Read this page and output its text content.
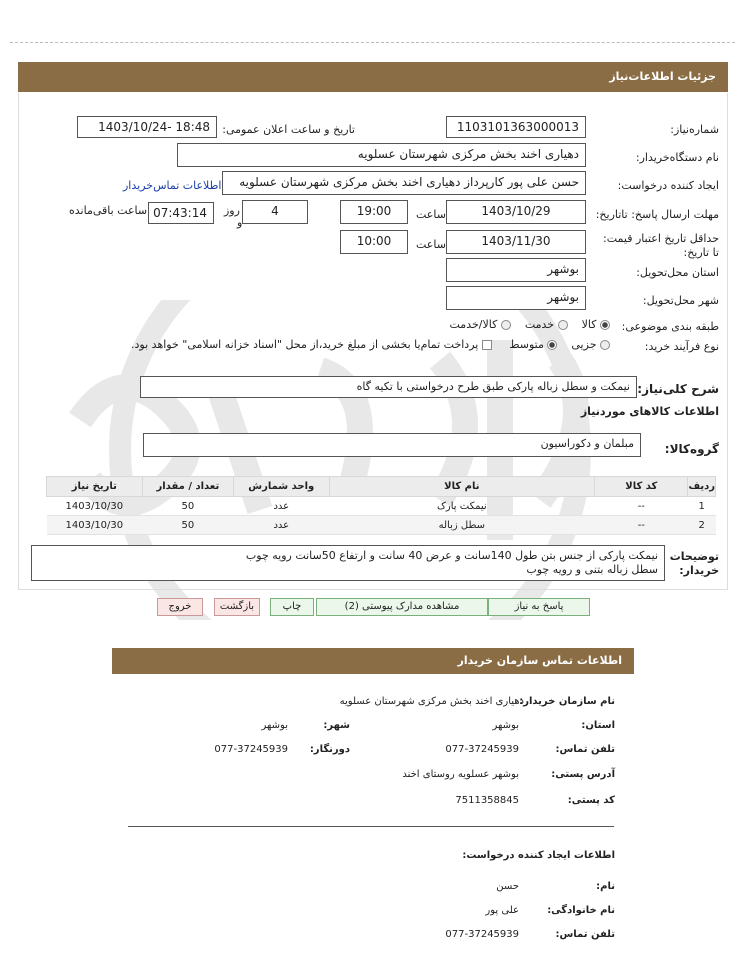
جزئیات اطلاعات‌نیاز
شماره‌نیاز:
1103101363000013
تاریخ و ساعت اعلان عمومی:
1403/10/24- 18:48
نام دستگاه‌خریدار:
دهیاری اخند بخش مرکزی شهرستان عسلویه
ایجاد کننده درخواست:
حسن علی پور کارپرداز دهیاری اخند بخش مرکزی شهرستان عسلویه
اطلاعات تماس‌خریدار
مهلت ارسال پاسخ: تاتاریخ:
1403/10/29
ساعت
19:00
4
روز
و
07:43:14
ساعت باقی‌مانده
حداقل تاریخ اعتبار قیمت: تا تاریخ:
1403/11/30
ساعت
10:00
استان محل‌تحویل:
بوشهر
شهر محل‌تحویل:
بوشهر
طبقه بندی موضوعی:
کالا     خدمت     کالا/خدمت
نوع فرآیند خرید:
جزیی     متوسط      پرداخت تمام‌یا بخشی از مبلغ خرید،از محل "اسناد خزانه اسلامی" خواهد بود.
شرح کلی‌نیاز:
نیمکت و سطل زباله پارکی طبق طرح درخواستی با تکیه گاه
اطلاعات کالاهای موردنیاز
گروه‌کالا:
مبلمان و دکوراسیون
ردیف	کد کالا	نام کالا	واحد شمارش	تعداد / مقدار	تاریخ نیاز
1	--	نیمکت پارک	عدد	50	1403/10/30
2	--	سطل زباله	عدد	50	1403/10/30
توضیحات
خریدار:
نیمکت پارکی از جنس بتن طول 140سانت و عرض 40 سانت و ارتفاع 50سانت رویه چوب
سطل زباله بتنی و رویه چوب
پاسخ به نیاز
مشاهده مدارک پیوستی (2)
چاپ
بازگشت
خروج
اطلاعات تماس سازمان خریدار
نام سازمان خریدار:
دهیاری اخند بخش مرکزی شهرستان عسلویه
استان:
بوشهر
شهر:
بوشهر
تلفن تماس:
077-37245939
دورنگار:
077-37245939
آدرس پستی:
بوشهر عسلویه روستای اخند
کد پستی:
7511358845
اطلاعات ایجاد کننده درخواست:
نام:
حسن
نام خانوادگی:
علی پور
تلفن تماس:
077-37245939
